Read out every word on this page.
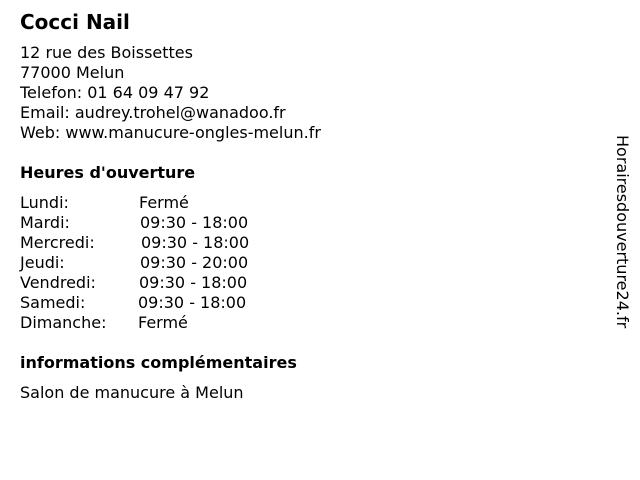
Cocci Nail
12 rue des Boissettes
77000 Melun
Telefon: 01 64 09 47 92
Email: audrey.trohel@wanadoo.fr
Web: www.manucure-ongles-melun.fr
Heures d'ouverture
Lundi:	Fermé
Mardi:	09:30 - 18:00
Mercredi:	09:30 - 18:00
Jeudi:	09:30 - 20:00
Vendredi:	09:30 - 18:00
Samedi:	09:30 - 18:00
Dimanche: Fermé
informations complémentaires
Salon de manucure à Melun
Horairesdouverture24.fr
